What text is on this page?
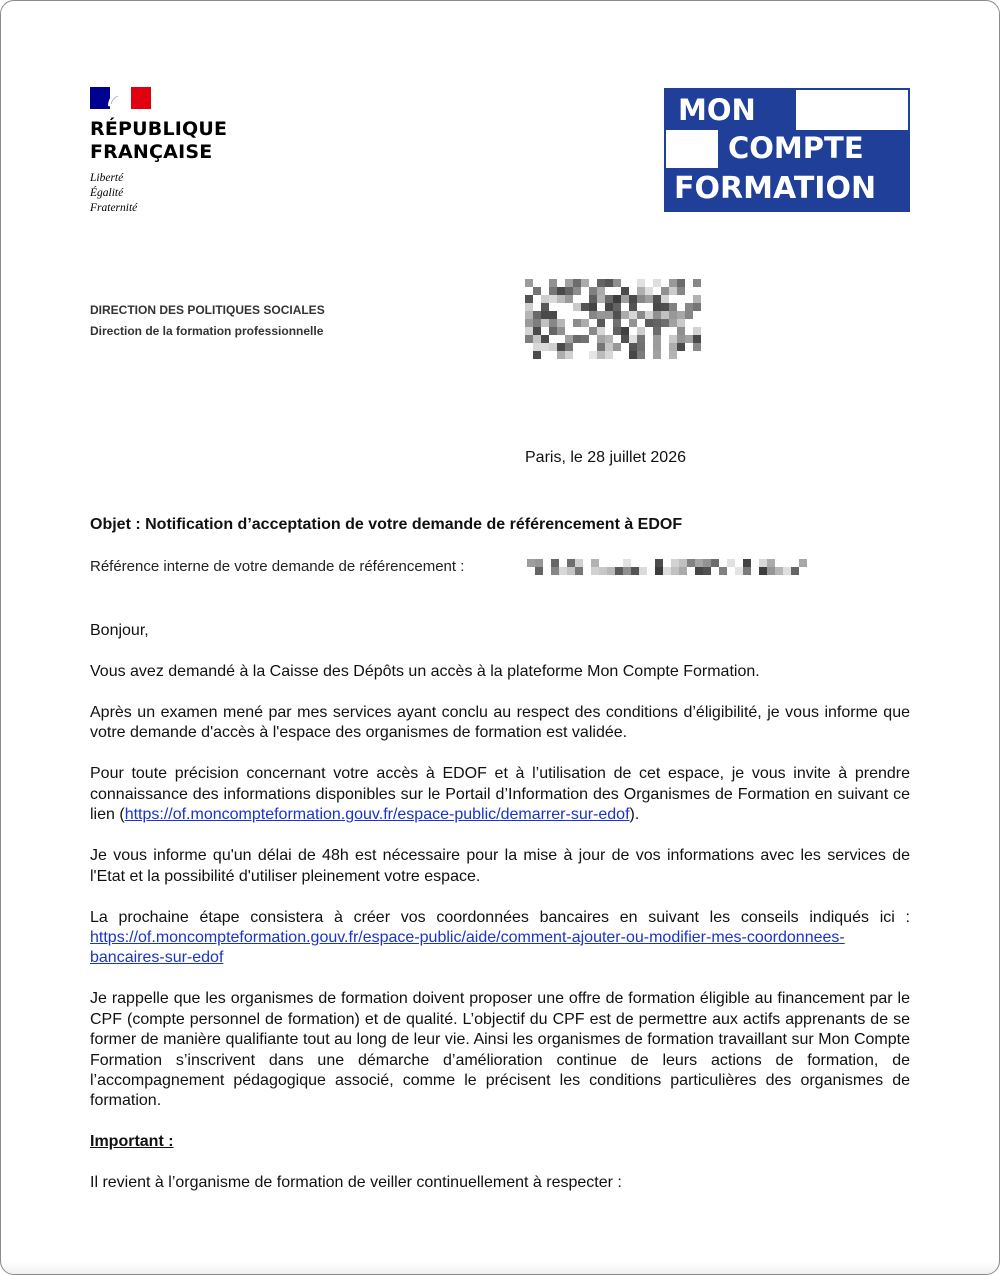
RÉPUBLIQUE
FRANÇAISE
Liberté
Égalité
Fraternité
MON
COMPTE
FORMATION
DIRECTION DES POLITIQUES SOCIALES
Direction de la formation professionnelle
Paris, le 28 juillet 2026
Objet : Notification d’acceptation de votre demande de référencement à EDOF
Référence interne de votre demande de référencement :

Bonjour,

Vous avez demandé à la Caisse des Dépôts un accès à la plateforme Mon Compte Formation.

Après un examen mené par mes services ayant conclu au respect des conditions d’éligibilité, je vous informe que votre demande d'accès à l'espace des organismes de formation est validée.

Pour toute précision concernant votre accès à EDOF et à l’utilisation de cet espace, je vous invite à prendre connaissance des informations disponibles sur le Portail d’Information des Organismes de Formation en suivant ce lien (https://of.moncompteformation.gouv.fr/espace-public/demarrer-sur-edof).

Je vous informe qu'un délai de 48h est nécessaire pour la mise à jour de vos informations avec les services de l'Etat et la possibilité d'utiliser pleinement votre espace.

La prochaine étape consistera à créer vos coordonnées bancaires en suivant les conseils indiqués ici : https://of.moncompteformation.gouv.fr/espace-public/aide/comment-ajouter-ou-modifier-mes-coordonnees-bancaires-sur-edof

Je rappelle que les organismes de formation doivent proposer une offre de formation éligible au financement par le CPF (compte personnel de formation) et de qualité. L’objectif du CPF est de permettre aux actifs apprenants de se former de manière qualifiante tout au long de leur vie. Ainsi les organismes de formation travaillant sur Mon Compte Formation s’inscrivent dans une démarche d’amélioration continue de leurs actions de formation, de l’accompagnement pédagogique associé, comme le précisent les conditions particulières des organismes de formation.

Important :

Il revient à l’organisme de formation de veiller continuellement à respecter :
